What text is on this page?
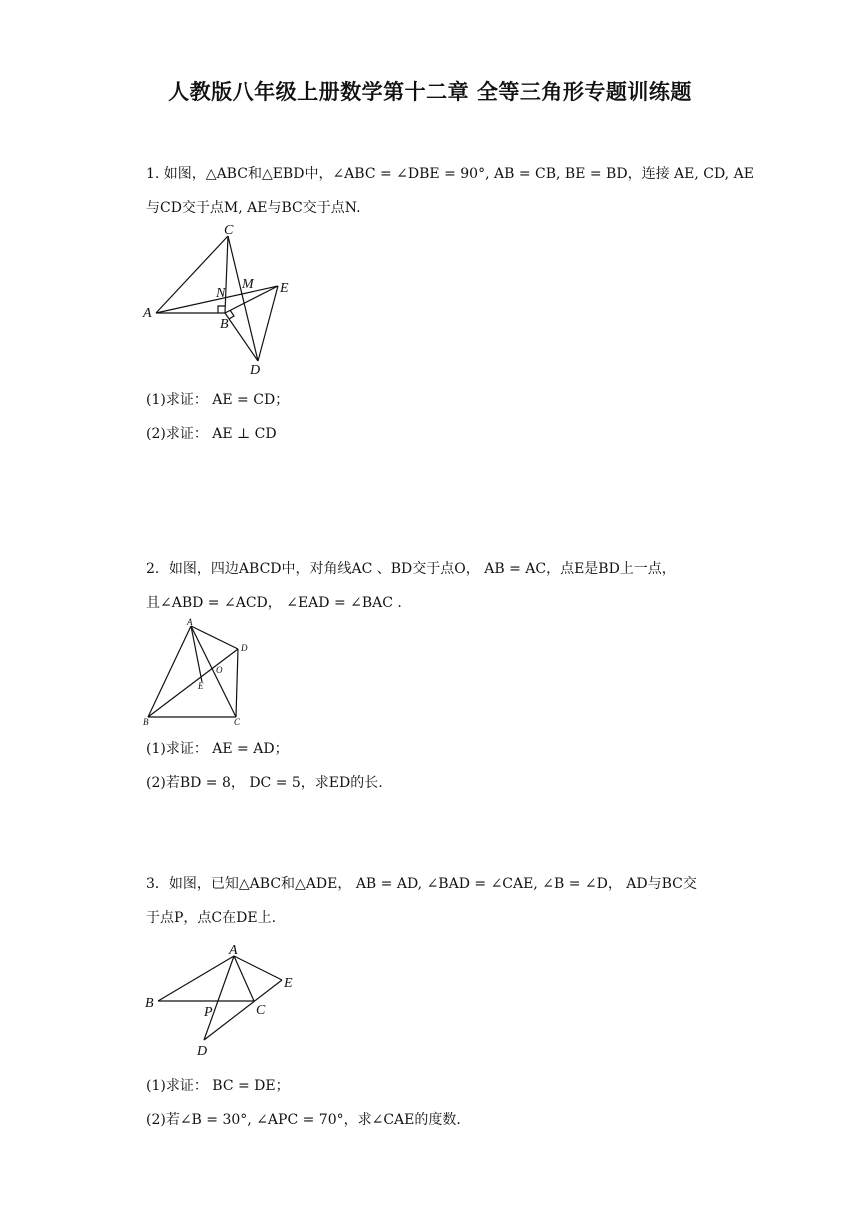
人教版八年级上册数学第十二章 全等三角形专题训练题
1. 如图，△ABC和△EBD中，∠ABC = ∠DBE = 90°, AB = CB, BE = BD，连接 AE, CD, AE
与CD交于点M, AE与BC交于点N.
C
A
N
M E
B
D
(1)求证： AE = CD；
(2)求证： AE ⊥ CD
2．如图，四边ABCD中，对角线AC 、BD交于点O， AB = AC，点E是BD上一点，
且∠ABD = ∠ACD， ∠EAD = ∠BAC .
A
D
O
E
B	C
(1)求证： AE = AD；
(2)若BD = 8， DC = 5，求ED的长.
3．如图，已知△ABC和△ADE， AB = AD, ∠BAD = ∠CAE, ∠B = ∠D， AD与BC交
于点P，点C在DE上.
A
E
B
P	C
D
(1)求证： BC = DE；
(2)若∠B = 30°, ∠APC = 70°，求∠CAE的度数.
